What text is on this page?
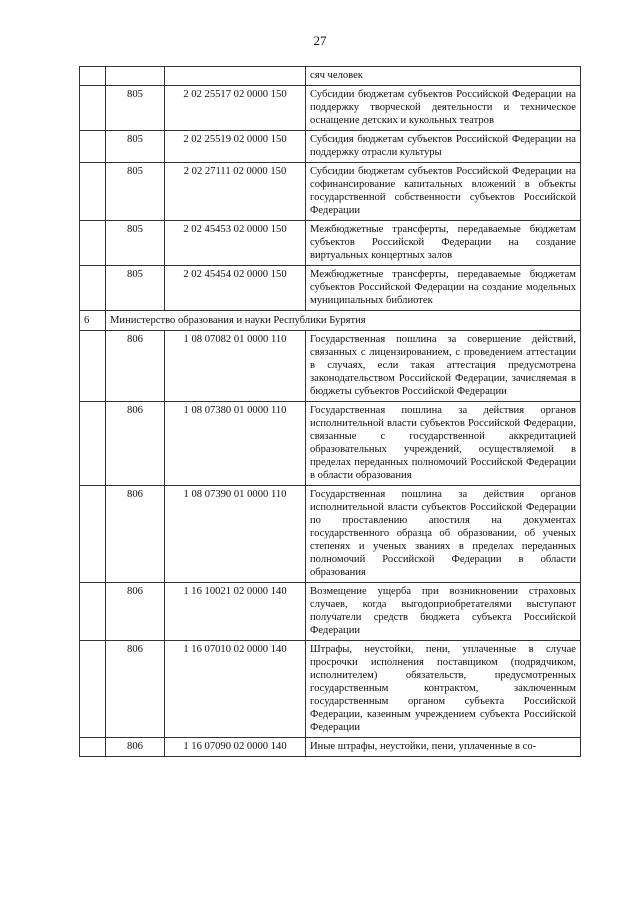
27
			сяч человек
	805	2 02 25517 02 0000 150	Субсидии бюджетам субъектов Российской Федерации на поддержку творческой деятельности и техническое оснащение детских и кукольных театров
	805	2 02 25519 02 0000 150	Субсидия бюджетам субъектов Российской Федерации на поддержку отрасли культуры
	805	2 02 27111 02 0000 150	Субсидии бюджетам субъектов Российской Федерации на софинансирование капитальных вложений в объекты государственной собственности субъектов Российской Федерации
	805	2 02 45453 02 0000 150	Межбюджетные трансферты, передаваемые бюджетам субъектов Российской Федерации на создание виртуальных концертных залов
	805	2 02 45454 02 0000 150	Межбюджетные трансферты, передаваемые бюджетам субъектов Российской Федерации на создание модельных муниципальных библиотек
6	Министерство образования и науки Республики Бурятия		
	806	1 08 07082 01 0000 110	Государственная пошлина за совершение действий, связанных с лицензированием, с проведением аттестации в случаях, если такая аттестация предусмотрена законодательством Российской Федерации, зачисляемая в бюджеты субъектов Российской Федерации
	806	1 08 07380 01 0000 110	Государственная пошлина за действия органов исполнительной власти субъектов Российской Федерации, связанные с государственной аккредитацией образовательных учреждений, осуществляемой в пределах переданных полномочий Российской Федерации в области образования
	806	1 08 07390 01 0000 110	Государственная пошлина за действия органов исполнительной власти субъектов Российской Федерации по проставлению апостиля на документах государственного образца об образовании, об ученых степенях и ученых званиях в пределах переданных полномочий Российской Федерации в области образования
	806	1 16 10021 02 0000 140	Возмещение ущерба при возникновении страховых случаев, когда выгодоприобретателями выступают получатели средств бюджета субъекта Российской Федерации
	806	1 16 07010 02 0000 140	Штрафы, неустойки, пени, уплаченные в случае просрочки исполнения поставщиком (подрядчиком, исполнителем) обязательств, предусмотренных государственным контрактом, заключенным государственным органом субъекта Российской Федерации, казенным учреждением субъекта Российской Федерации
	806	1 16 07090 02 0000 140	Иные штрафы, неустойки, пени, уплаченные в со-
